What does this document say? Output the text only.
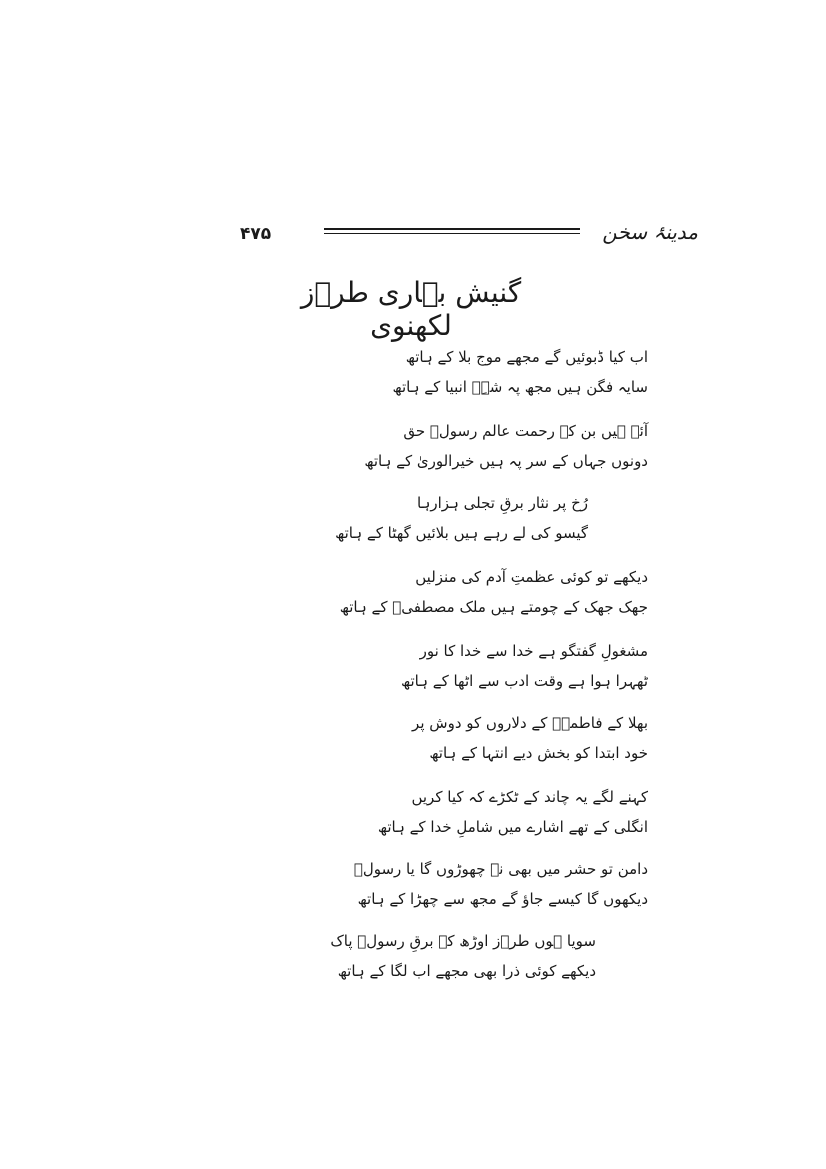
مدینۂ سخن
۴۷۵
گنیش بہاری طرؔز لکھنوی
اب کیا ڈبوئیں گے مجھے موج بلا کے ہاتھ
سایہ فگن ہیں مجھ پہ شہِؐ انبیا کے ہاتھ
آئے ہیں بن کے رحمت عالم رسولؐ حق
دونوں جہاں کے سر پہ ہیں خیرالوریٰ کے ہاتھ
رُخ پر نثار برقِ تجلی ہزارہا
گیسو کی لے رہے ہیں بلائیں گھٹا کے ہاتھ
دیکھے تو کوئی عظمتِ آدم کی منزلیں
جھک جھک کے چومتے ہیں ملک مصطفیؐ کے ہاتھ
مشغولِ گفتگو ہے خدا سے خدا کا نور
ٹھہرا ہوا ہے وقت ادب سے اٹھا کے ہاتھ
بھلا کے فاطمہؓ کے دلاروں کو دوش پر
خود ابتدا کو بخش دیے انتہا کے ہاتھ
کہنے لگے یہ چاند کے ٹکڑے کہ کیا کریں
انگلی کے تھے اشارے میں شاملِ خدا کے ہاتھ
دامن تو حشر میں بھی نہ چھوڑوں گا یا رسولؐ
دیکھوں گا کیسے جاؤ گے مجھ سے چھڑا کے ہاتھ
سویا ہوں طرؔز اوڑھ کے برقِ رسولؐ پاک
دیکھے کوئی ذرا بھی مجھے اب لگا کے ہاتھ
